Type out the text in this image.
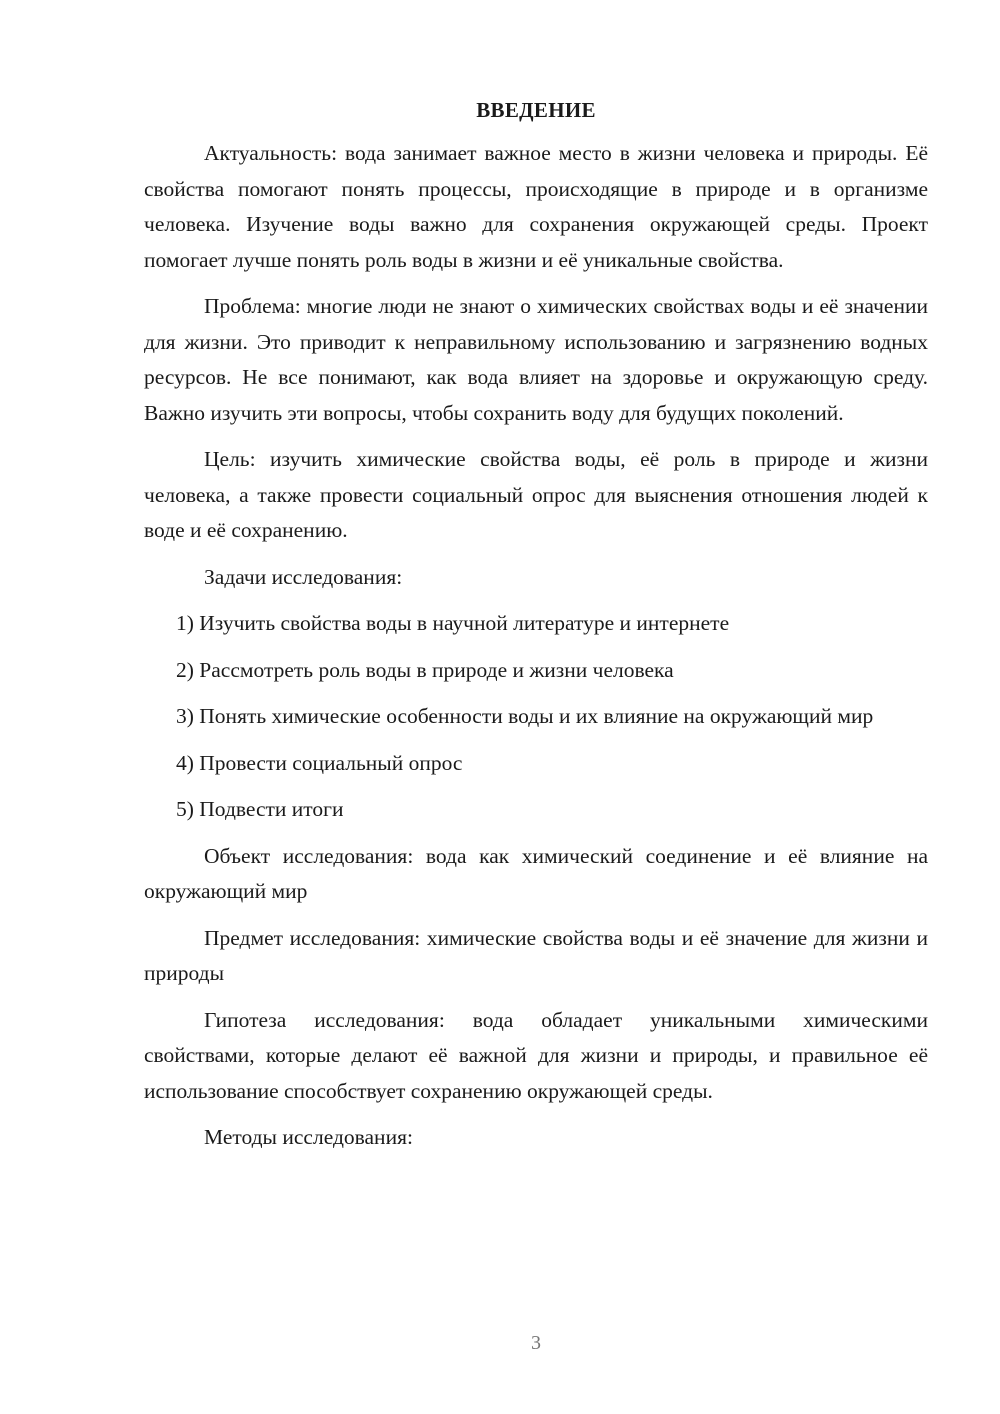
ВВЕДЕНИЕ

Актуальность: вода занимает важное место в жизни человека и природы. Её свойства помогают понять процессы, происходящие в природе и в организме человека. Изучение воды важно для сохранения окружающей среды. Проект помогает лучше понять роль воды в жизни и её уникальные свойства.

Проблема: многие люди не знают о химических свойствах воды и её значении для жизни. Это приводит к неправильному использованию и загрязнению водных ресурсов. Не все понимают, как вода влияет на здоровье и окружающую среду. Важно изучить эти вопросы, чтобы сохранить воду для будущих поколений.

Цель: изучить химические свойства воды, её роль в природе и жизни человека, а также провести социальный опрос для выяснения отношения людей к воде и её сохранению.

Задачи исследования:

1) Изучить свойства воды в научной литературе и интернете

2) Рассмотреть роль воды в природе и жизни человека

3) Понять химические особенности воды и их влияние на окружающий мир

4) Провести социальный опрос

5) Подвести итоги

Объект исследования: вода как химический соединение и её влияние на окружающий мир

Предмет исследования: химические свойства воды и её значение для жизни и природы

Гипотеза исследования: вода обладает уникальными химическими свойствами, которые делают её важной для жизни и природы, и правильное её использование способствует сохранению окружающей среды.

Методы исследования:

3
